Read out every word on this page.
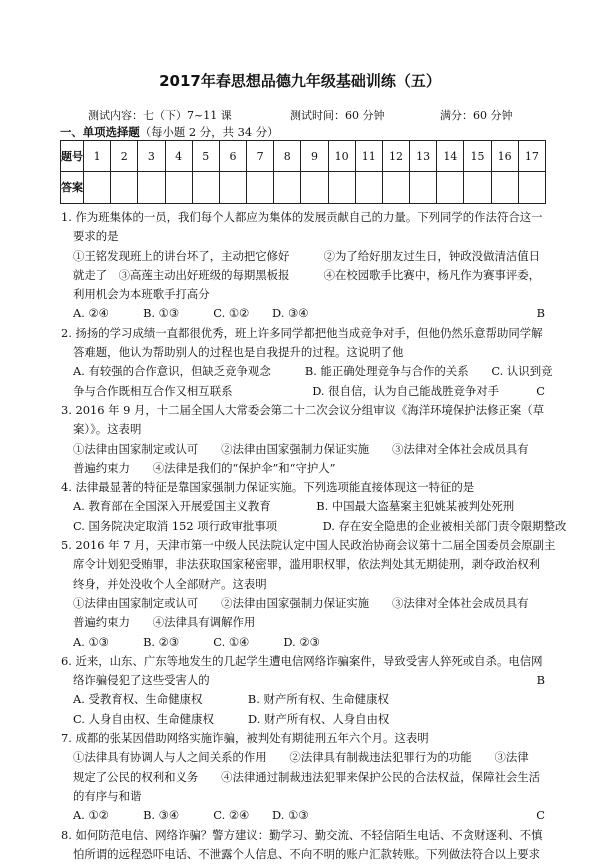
2017年春思想品德九年级基础训练（五）
测试内容：七（下）7~11 课	测试时间：60 分钟	满分：60 分钟
一、单项选择题（每小题 2 分，共 34 分）
题号	1	2	3	4	5	6	7	8	9	10	11	12	13	14	15	16	17
答案																	
1. 作为班集体的一员，我们每个人都应为集体的发展贡献自己的力量。下列同学的作法符合这一
要求的是
①王铭发现班上的讲台坏了，主动把它修好　　　②为了给好朋友过生日，钟政没做清洁值日
就走了　③高莲主动出好班级的每期黑板报　　　④在校园歌手比赛中，杨凡作为赛事评委，
利用机会为本班歌手打高分
A. ②④　　　B. ①③　　　C. ①②　　D. ③④	B
2. 扬扬的学习成绩一直都很优秀，班上许多同学都把他当成竞争对手，但他仍然乐意帮助同学解
答难题，他认为帮助别人的过程也是自我提升的过程。这说明了他
A. 有较强的合作意识，但缺乏竞争观念　　　B. 能正确处理竞争与合作的关系　　C. 认识到竞
争与合作既相互合作又相互联系　　　　　　　D. 很自信，认为自己能战胜竞争对手	C
3. 2016 年 9 月，十二届全国人大常委会第二十二次会议分组审议《海洋环境保护法修正案（草
案）》。这表明
①法律由国家制定或认可　　②法律由国家强制力保证实施　　③法律对全体社会成员具有
普遍约束力　　④法律是我们的“保护伞”和“守护人”
4. 法律最显著的特征是靠国家强制力保证实施。下列选项能直接体现这一特征的是
A. 教育部在全国深入开展爱国主义教育　　　　B. 中国最大盗墓案主犯姚某被判处死刑
C. 国务院决定取消 152 项行政审批事项　　　　D. 存在安全隐患的企业被相关部门责令限期整改
5. 2016 年 7 月，天津市第一中级人民法院认定中国人民政治协商会议第十二届全国委员会原副主
席令计划犯受贿罪，非法获取国家秘密罪，滥用职权罪，依法判处其无期徒刑，剥夺政治权利
终身，并处没收个人全部财产。这表明
①法律由国家制定或认可　　②法律由国家强制力保证实施　　③法律对全体社会成员具有
普遍约束力　　④法律具有调解作用
A. ①③　　　B. ②③　　　C. ①④　　　D. ②③
6. 近来，山东、广东等地发生的几起学生遭电信网络诈骗案件，导致受害人猝死或自杀。电信网
络诈骗侵犯了这些受害人的	B
A. 受教育权、生命健康权　　　　B. 财产所有权、生命健康权
C. 人身自由权、生命健康权　　　D. 财产所有权、人身自由权
7. 成都的张某因借助网络实施诈骗，被判处有期徒刑五年六个月。这表明
①法律具有协调人与人之间关系的作用　　②法律具有制裁违法犯罪行为的功能　　③法律
规定了公民的权利和义务　　④法律通过制裁违法犯罪来保护公民的合法权益，保障社会生活
的有序与和谐
A. ①②　　　B. ③④　　　C. ②④　　D. ①③	C
8. 如何防范电信、网络诈骗？警方建议：勤学习、勤交流、不轻信陌生电话、不贪财逐利、不慎
怕所谓的远程恐吓电话、不泄露个人信息、不向不明的账户汇款转账。下列做法符合以上要求
